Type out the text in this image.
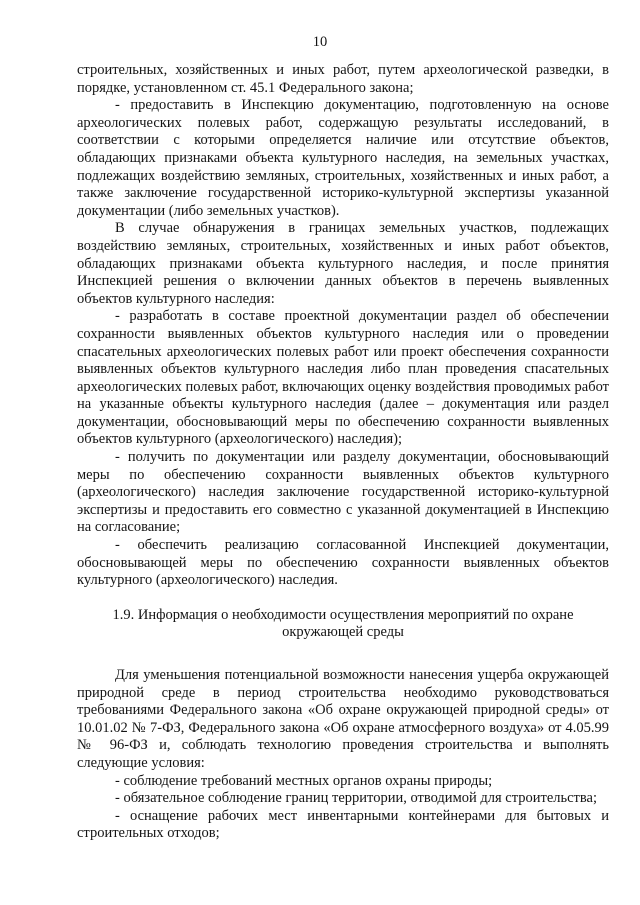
10

строительных, хозяйственных и иных работ, путем археологической разведки, в порядке, установленном ст. 45.1 Федерального закона;

- предоставить в Инспекцию документацию, подготовленную на основе археологических полевых работ, содержащую результаты исследований, в соответствии с которыми определяется наличие или отсутствие объектов, обладающих признаками объекта культурного наследия, на земельных участках, подлежащих воздействию земляных, строительных, хозяйственных и иных работ, а также заключение государственной историко-культурной экспертизы указанной документации (либо земельных участков).

В случае обнаружения в границах земельных участков, подлежащих воздействию земляных, строительных, хозяйственных и иных работ объектов, обладающих признаками объекта культурного наследия, и после принятия Инспекцией решения о включении данных объектов в перечень выявленных объектов культурного наследия:

- разработать в составе проектной документации раздел об обеспечении сохранности выявленных объектов культурного наследия или о проведении спасательных археологических полевых работ или проект обеспечения сохранности выявленных объектов культурного наследия либо план проведения спасательных археологических полевых работ, включающих оценку воздействия проводимых работ на указанные объекты культурного наследия (далее – документация или раздел документации, обосновывающий меры по обеспечению сохранности выявленных объектов культурного (археологического) наследия);

- получить по документации или разделу документации, обосновывающий меры по обеспечению сохранности выявленных объектов культурного (археологического) наследия заключение государственной историко-культурной экспертизы и предоставить его совместно с указанной документацией в Инспекцию на согласование;

- обеспечить реализацию согласованной Инспекцией документации, обосновывающей меры по обеспечению сохранности выявленных объектов культурного (археологического) наследия.

1.9. Информация о необходимости осуществления мероприятий по охране
окружающей среды

Для уменьшения потенциальной возможности нанесения ущерба окружающей природной среде в период строительства необходимо руководствоваться требованиями Федерального закона «Об охране окружающей природной среды» от 10.01.02 № 7-ФЗ, Федерального закона «Об охране атмосферного воздуха» от 4.05.99 № 96-ФЗ и, соблюдать технологию проведения строительства и выполнять следующие условия:

- соблюдение требований местных органов охраны природы;

- обязательное соблюдение границ территории, отводимой для строительства;

- оснащение рабочих мест инвентарными контейнерами для бытовых и строительных отходов;
